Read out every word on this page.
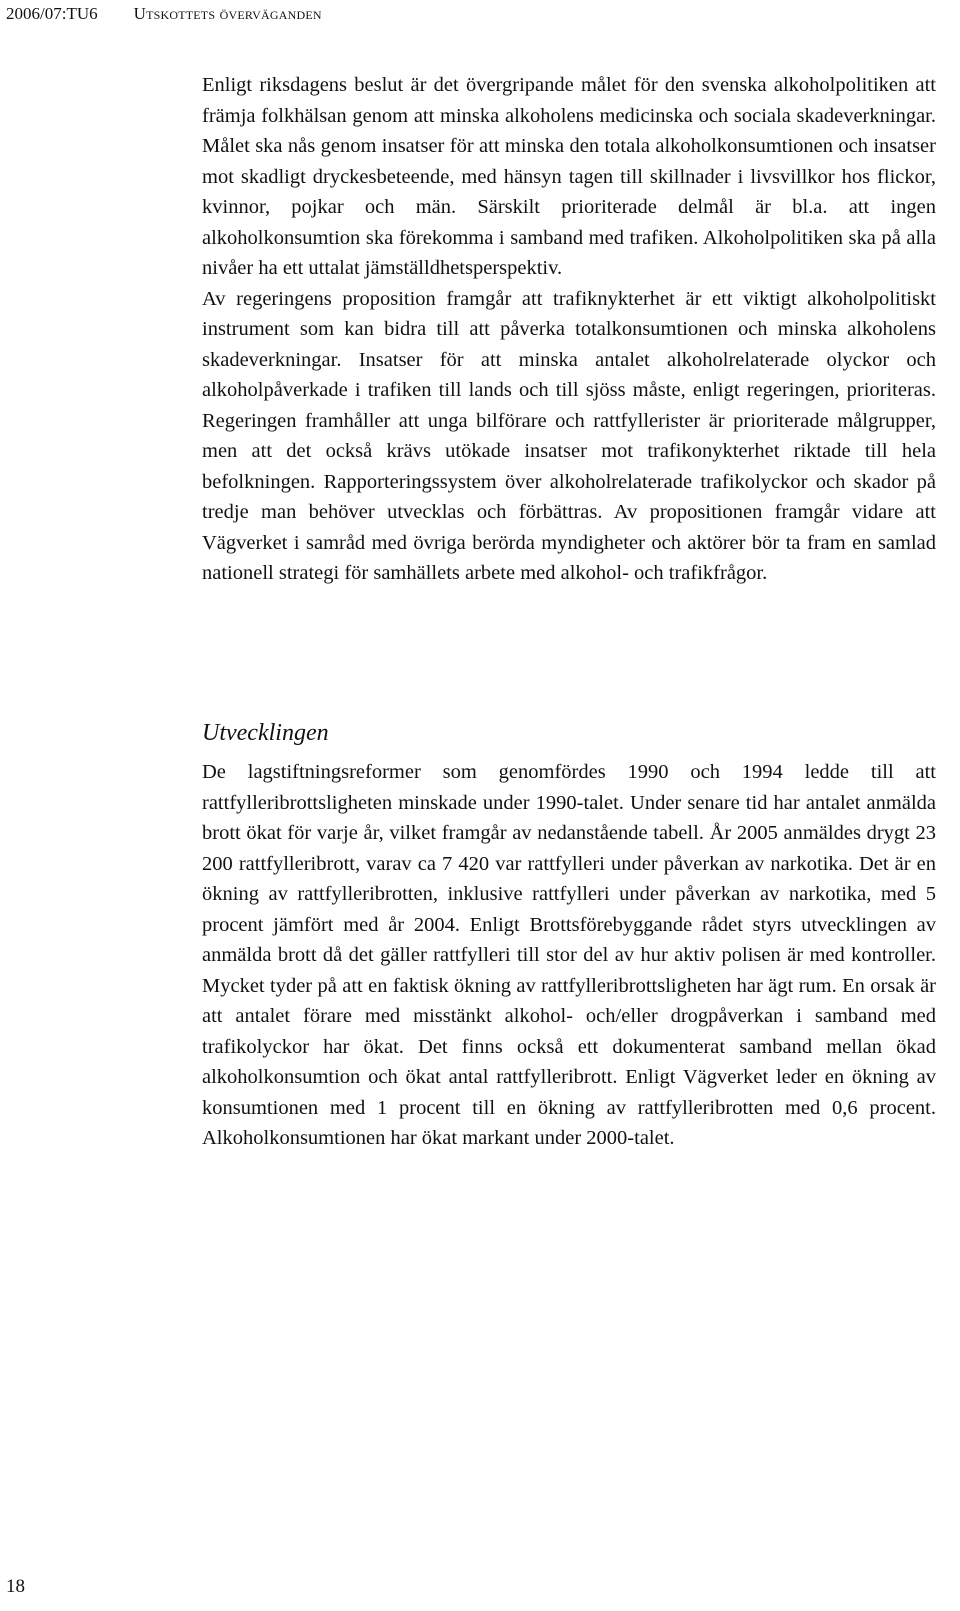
2006/07:TU6 Utskottets överväganden

Enligt riksdagens beslut är det övergripande målet för den svenska alkoholpolitiken att främja folkhälsan genom att minska alkoholens medicinska och sociala skadeverkningar. Målet ska nås genom insatser för att minska den totala alkoholkonsumtionen och insatser mot skadligt dryckesbeteende, med hänsyn tagen till skillnader i livsvillkor hos flickor, kvinnor, pojkar och män. Särskilt prioriterade delmål är bl.a. att ingen alkoholkonsumtion ska förekomma i samband med trafiken. Alkoholpolitiken ska på alla nivåer ha ett uttalat jämställdhetsperspektiv.

Av regeringens proposition framgår att trafiknykterhet är ett viktigt alkoholpolitiskt instrument som kan bidra till att påverka totalkonsumtionen och minska alkoholens skadeverkningar. Insatser för att minska antalet alkoholrelaterade olyckor och alkoholpåverkade i trafiken till lands och till sjöss måste, enligt regeringen, prioriteras. Regeringen framhåller att unga bilförare och rattfyllerister är prioriterade målgrupper, men att det också krävs utökade insatser mot trafikonykterhet riktade till hela befolkningen. Rapporteringssystem över alkoholrelaterade trafikolyckor och skador på tredje man behöver utvecklas och förbättras. Av propositionen framgår vidare att Vägverket i samråd med övriga berörda myndigheter och aktörer bör ta fram en samlad nationell strategi för samhällets arbete med alkohol- och trafikfrågor.

Utvecklingen

De lagstiftningsreformer som genomfördes 1990 och 1994 ledde till att rattfylleribrottsligheten minskade under 1990-talet. Under senare tid har antalet anmälda brott ökat för varje år, vilket framgår av nedanstående tabell. År 2005 anmäldes drygt 23 200 rattfylleribrott, varav ca 7 420 var rattfylleri under påverkan av narkotika. Det är en ökning av rattfylleribrotten, inklusive rattfylleri under påverkan av narkotika, med 5 procent jämfört med år 2004. Enligt Brottsförebyggande rådet styrs utvecklingen av anmälda brott då det gäller rattfylleri till stor del av hur aktiv polisen är med kontroller. Mycket tyder på att en faktisk ökning av rattfylleribrottsligheten har ägt rum. En orsak är att antalet förare med misstänkt alkohol- och/eller drogpåverkan i samband med trafikolyckor har ökat. Det finns också ett dokumenterat samband mellan ökad alkoholkonsumtion och ökat antal rattfylleribrott. Enligt Vägverket leder en ökning av konsumtionen med 1 procent till en ökning av rattfylleribrotten med 0,6 procent. Alkoholkonsumtionen har ökat markant under 2000-talet.

18
